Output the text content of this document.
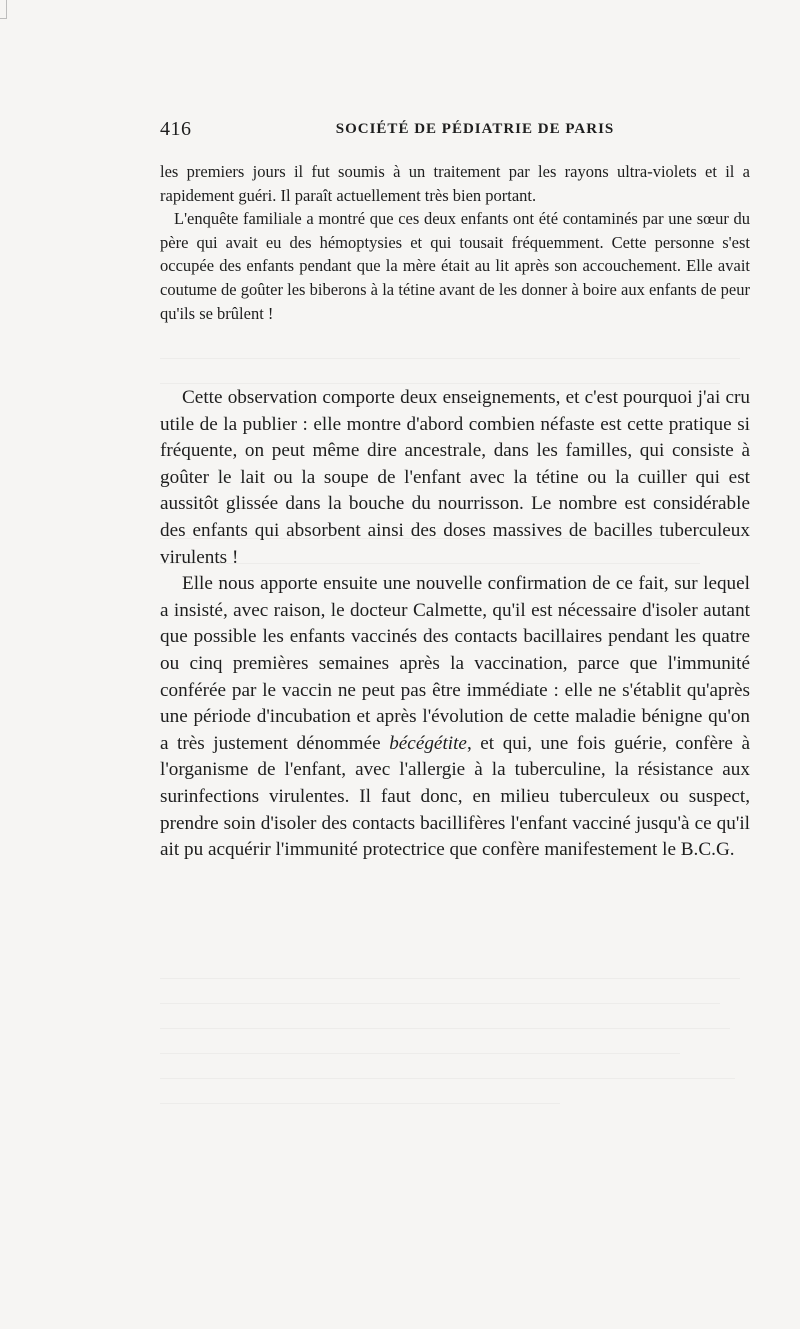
416	SOCIÉTÉ DE PÉDIATRIE DE PARIS

les premiers jours il fut soumis à un traitement par les rayons ultra-violets et il a rapidement guéri. Il paraît actuellement très bien portant.

L'enquête familiale a montré que ces deux enfants ont été contaminés par une sœur du père qui avait eu des hémoptysies et qui tousait fréquemment. Cette personne s'est occupée des enfants pendant que la mère était au lit après son accouchement. Elle avait coutume de goûter les biberons à la tétine avant de les donner à boire aux enfants de peur qu'ils se brûlent !

Cette observation comporte deux enseignements, et c'est pourquoi j'ai cru utile de la publier : elle montre d'abord combien néfaste est cette pratique si fréquente, on peut même dire ancestrale, dans les familles, qui consiste à goûter le lait ou la soupe de l'enfant avec la tétine ou la cuiller qui est aussitôt glissée dans la bouche du nourrisson. Le nombre est considérable des enfants qui absorbent ainsi des doses massives de bacilles tuberculeux virulents !

Elle nous apporte ensuite une nouvelle confirmation de ce fait, sur lequel a insisté, avec raison, le docteur Calmette, qu'il est nécessaire d'isoler autant que possible les enfants vaccinés des contacts bacillaires pendant les quatre ou cinq premières semaines après la vaccination, parce que l'immunité conférée par le vaccin ne peut pas être immédiate : elle ne s'établit qu'après une période d'incubation et après l'évolution de cette maladie bénigne qu'on a très justement dénommée bécégétite, et qui, une fois guérie, confère à l'organisme de l'enfant, avec l'allergie à la tuberculine, la résistance aux surinfections virulentes. Il faut donc, en milieu tuberculeux ou suspect, prendre soin d'isoler des contacts bacillifères l'enfant vacciné jusqu'à ce qu'il ait pu acquérir l'immunité protectrice que confère manifestement le B.C.G.
